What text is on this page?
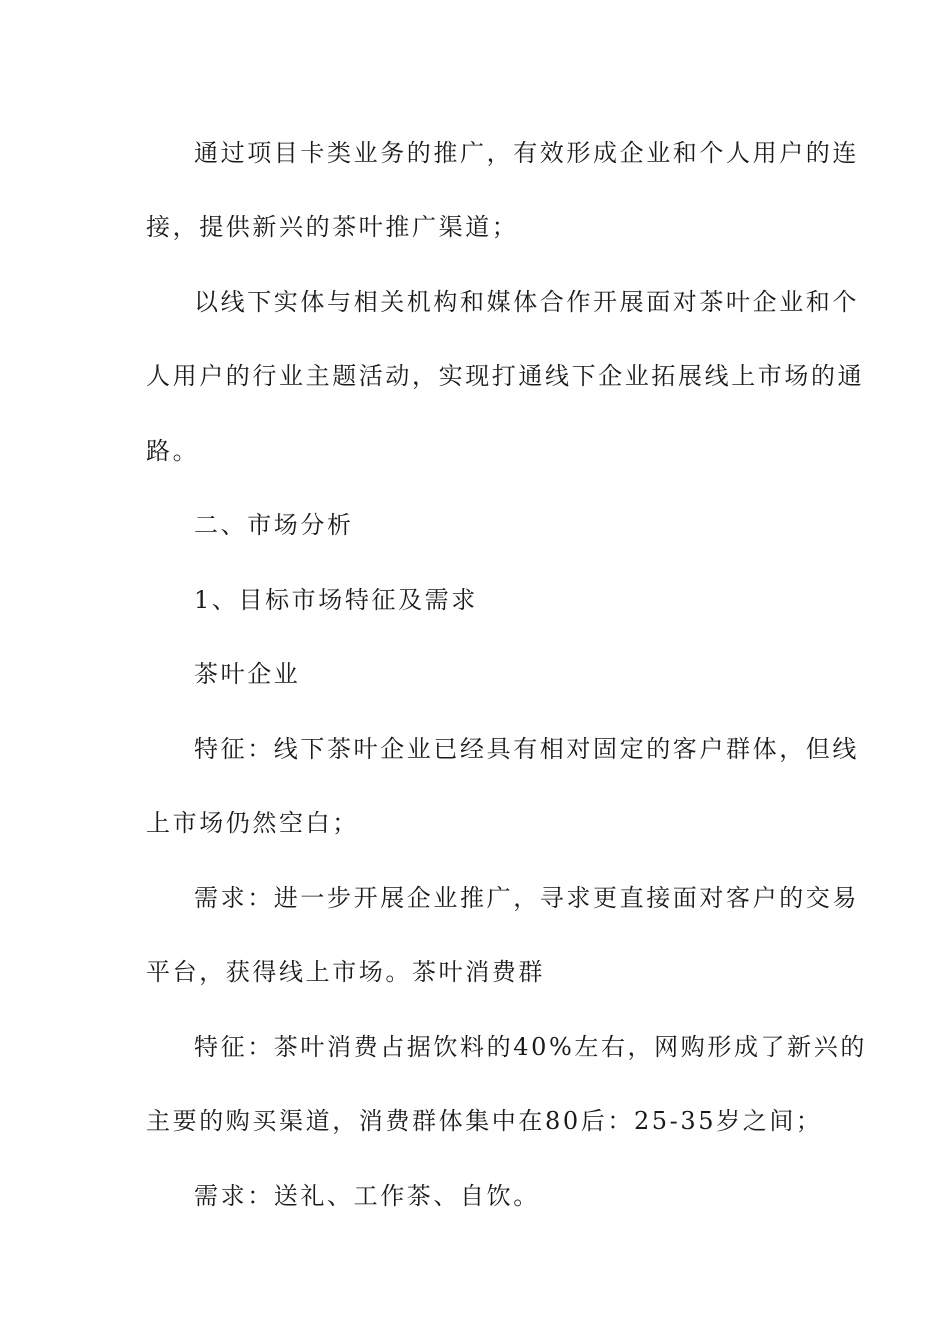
通过项目卡类业务的推广，有效形成企业和个人用户的连
接，提供新兴的茶叶推广渠道；
以线下实体与相关机构和媒体合作开展面对茶叶企业和个
人用户的行业主题活动，实现打通线下企业拓展线上市场的通
路。
二、市场分析
1、目标市场特征及需求
茶叶企业
特征：线下茶叶企业已经具有相对固定的客户群体，但线
上市场仍然空白；
需求：进一步开展企业推广，寻求更直接面对客户的交易
平台，获得线上市场。茶叶消费群
特征：茶叶消费占据饮料的40%左右，网购形成了新兴的
主要的购买渠道，消费群体集中在80后：25-35岁之间；
需求：送礼、工作茶、自饮。
